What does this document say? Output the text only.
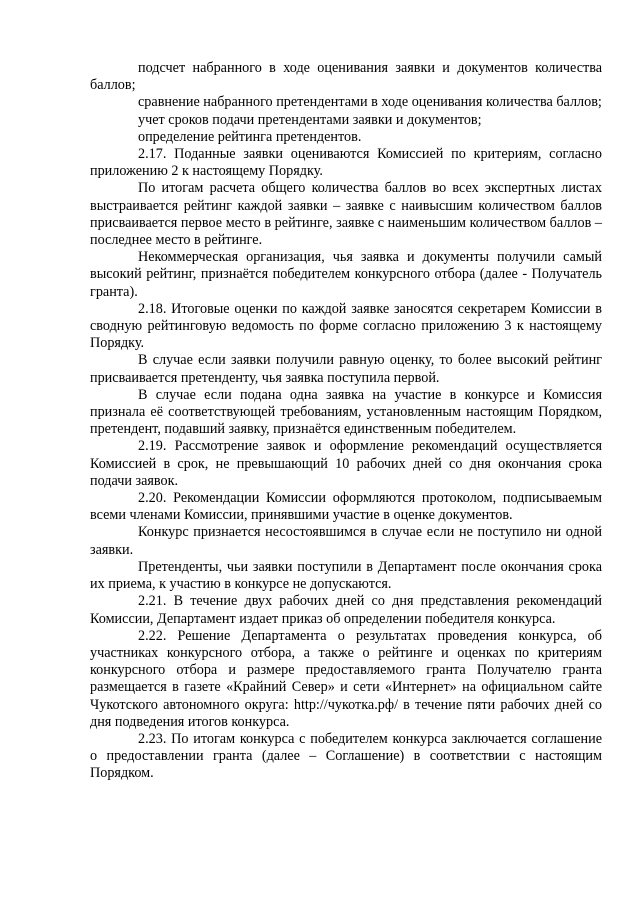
подсчет набранного в ходе оценивания заявки и документов количества баллов;

сравнение набранного претендентами в ходе оценивания количества баллов;

учет сроков подачи претендентами заявки и документов;

определение рейтинга претендентов.

2.17. Поданные заявки оцениваются Комиссией по критериям, согласно приложению 2 к настоящему Порядку.

По итогам расчета общего количества баллов во всех экспертных листах выстраивается рейтинг каждой заявки – заявке с наивысшим количеством баллов присваивается первое место в рейтинге, заявке с наименьшим количеством баллов – последнее место в рейтинге.

Некоммерческая организация, чья заявка и документы получили самый высокий рейтинг, признаётся победителем конкурсного отбора (далее - Получатель гранта).

2.18. Итоговые оценки по каждой заявке заносятся секретарем Комиссии в сводную рейтинговую ведомость по форме согласно приложению 3 к настоящему Порядку.

В случае если заявки получили равную оценку, то более высокий рейтинг присваивается претенденту, чья заявка поступила первой.

В случае если подана одна заявка на участие в конкурсе и Комиссия признала её соответствующей требованиям, установленным настоящим Порядком, претендент, подавший заявку, признаётся единственным победителем.

2.19. Рассмотрение заявок и оформление рекомендаций осуществляется Комиссией в срок, не превышающий 10 рабочих дней со дня окончания срока подачи заявок.

2.20. Рекомендации Комиссии оформляются протоколом, подписываемым всеми членами Комиссии, принявшими участие в оценке документов.

Конкурс признается несостоявшимся в случае если не поступило ни одной заявки.

Претенденты, чьи заявки поступили в Департамент после окончания срока их приема, к участию в конкурсе не допускаются.

2.21. В течение двух рабочих дней со дня представления рекомендаций Комиссии, Департамент издает приказ об определении победителя конкурса.

2.22. Решение Департамента о результатах проведения конкурса, об участниках конкурсного отбора, а также о рейтинге и оценках по критериям конкурсного отбора и размере предоставляемого гранта Получателю гранта размещается в газете «Крайний Север» и сети «Интернет» на официальном сайте Чукотского автономного округа: http://чукотка.рф/ в течение пяти рабочих дней со дня подведения итогов конкурса.

2.23. По итогам конкурса с победителем конкурса заключается соглашение о предоставлении гранта (далее – Соглашение) в соответствии с настоящим Порядком.
